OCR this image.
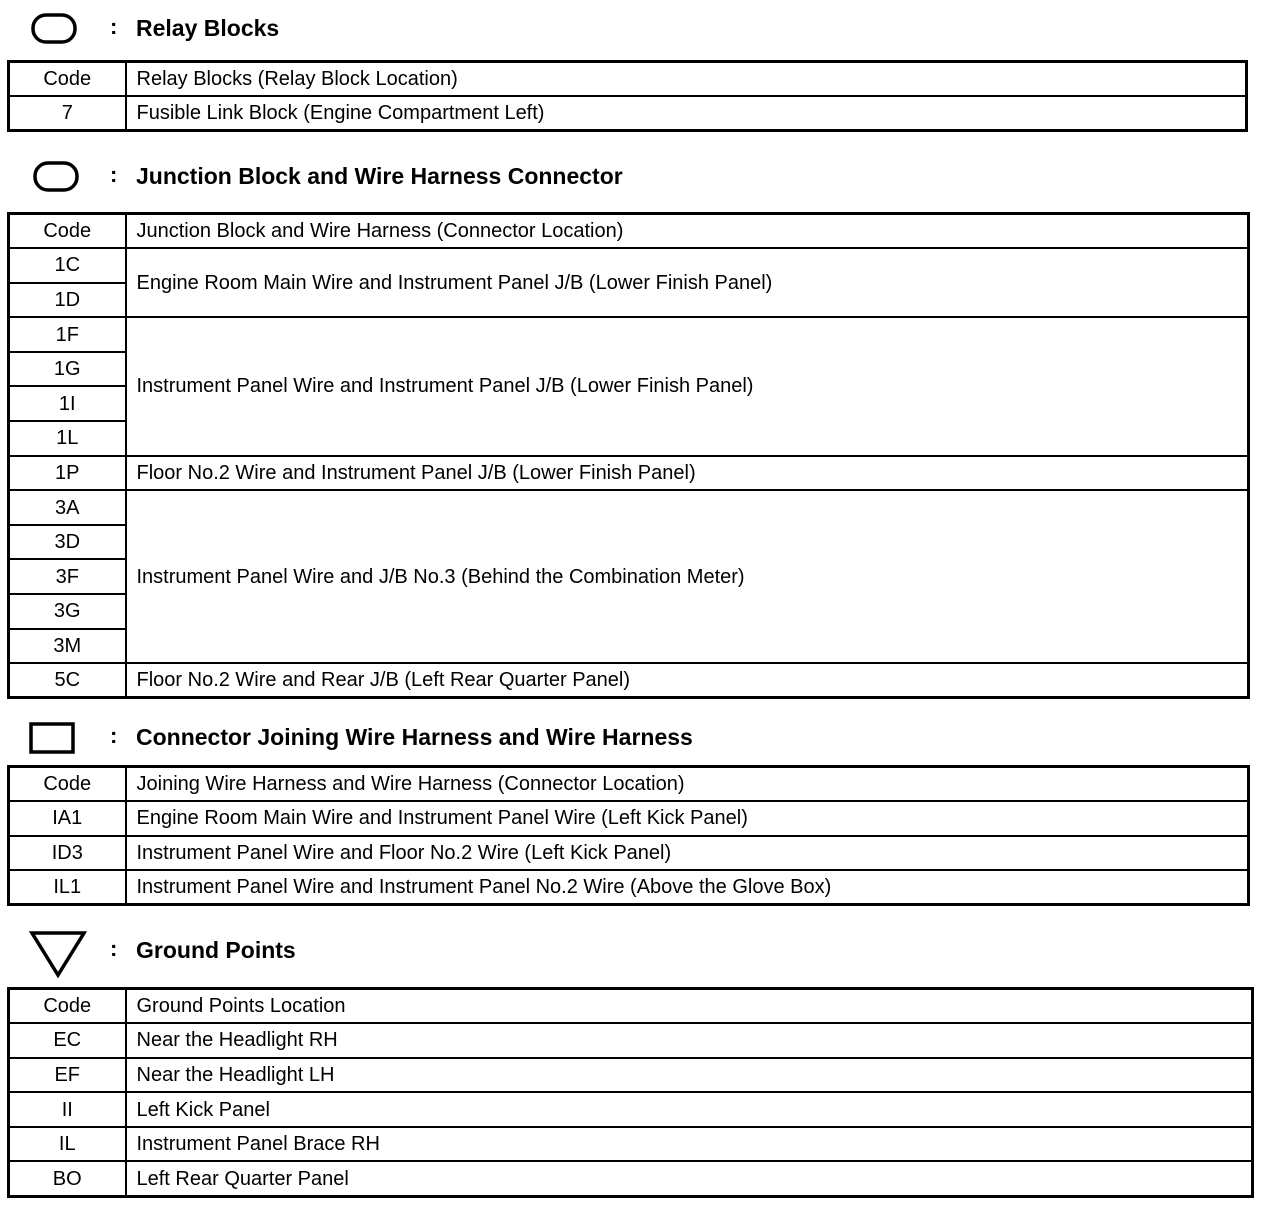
: Relay Blocks
Code	Relay Blocks (Relay Block Location)
7	Fusible Link Block (Engine Compartment Left)
: Junction Block and Wire Harness Connector
Code	Junction Block and Wire Harness (Connector Location)
1C	Engine Room Main Wire and Instrument Panel J/B (Lower Finish Panel)
1D	
1F	Instrument Panel Wire and Instrument Panel J/B (Lower Finish Panel)
1G	
1I	
1L	
1P	Floor No.2 Wire and Instrument Panel J/B (Lower Finish Panel)
3A	Instrument Panel Wire and J/B No.3 (Behind the Combination Meter)
3D	
3F	
3G	
3M	
5C	Floor No.2 Wire and Rear J/B (Left Rear Quarter Panel)
: Connector Joining Wire Harness and Wire Harness
Code	Joining Wire Harness and Wire Harness (Connector Location)
IA1	Engine Room Main Wire and Instrument Panel Wire (Left Kick Panel)
ID3	Instrument Panel Wire and Floor No.2 Wire (Left Kick Panel)
IL1	Instrument Panel Wire and Instrument Panel No.2 Wire (Above the Glove Box)
: Ground Points
Code	Ground Points Location
EC	Near the Headlight RH
EF	Near the Headlight LH
II	Left Kick Panel
IL	Instrument Panel Brace RH
BO	Left Rear Quarter Panel
